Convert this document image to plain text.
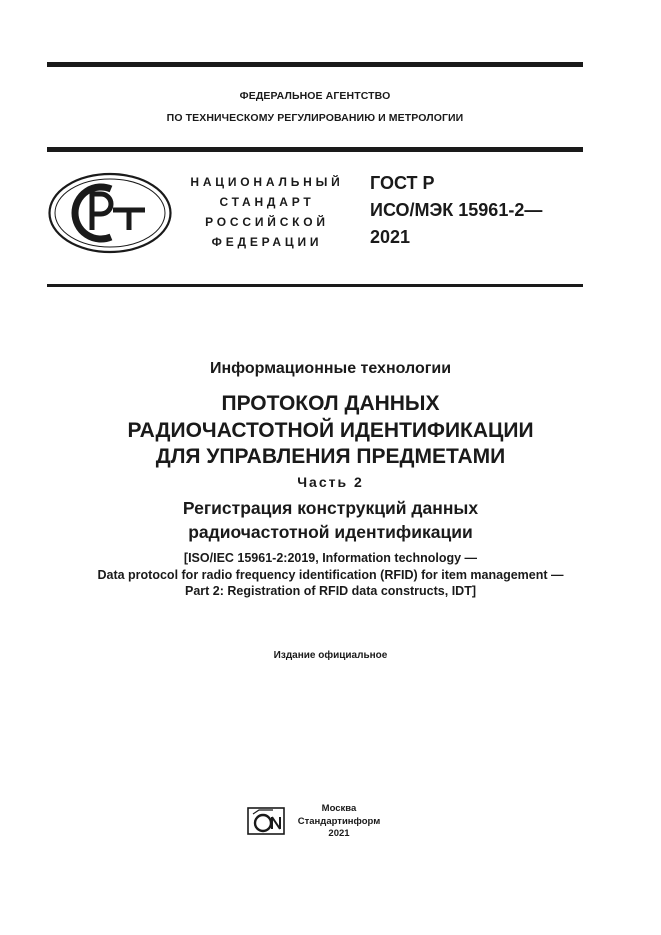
ФЕДЕРАЛЬНОЕ АГЕНТСТВО
ПО ТЕХНИЧЕСКОМУ РЕГУЛИРОВАНИЮ И МЕТРОЛОГИИ
НАЦИОНАЛЬНЫЙ
СТАНДАРТ
РОССИЙСКОЙ
ФЕДЕРАЦИИ
ГОСТ Р
ИСО/МЭК 15961-2—
2021
Информационные технологии
ПРОТОКОЛ ДАННЫХ
РАДИОЧАСТОТНОЙ ИДЕНТИФИКАЦИИ
ДЛЯ УПРАВЛЕНИЯ ПРЕДМЕТАМИ
Часть 2
Регистрация конструкций данных
радиочастотной идентификации
[ISO/IEC 15961-2:2019, Information technology —
Data protocol for radio frequency identification (RFID) for item management —
Part 2: Registration of RFID data constructs, IDT]
Издание официальное
Москва
Стандартинформ
2021
